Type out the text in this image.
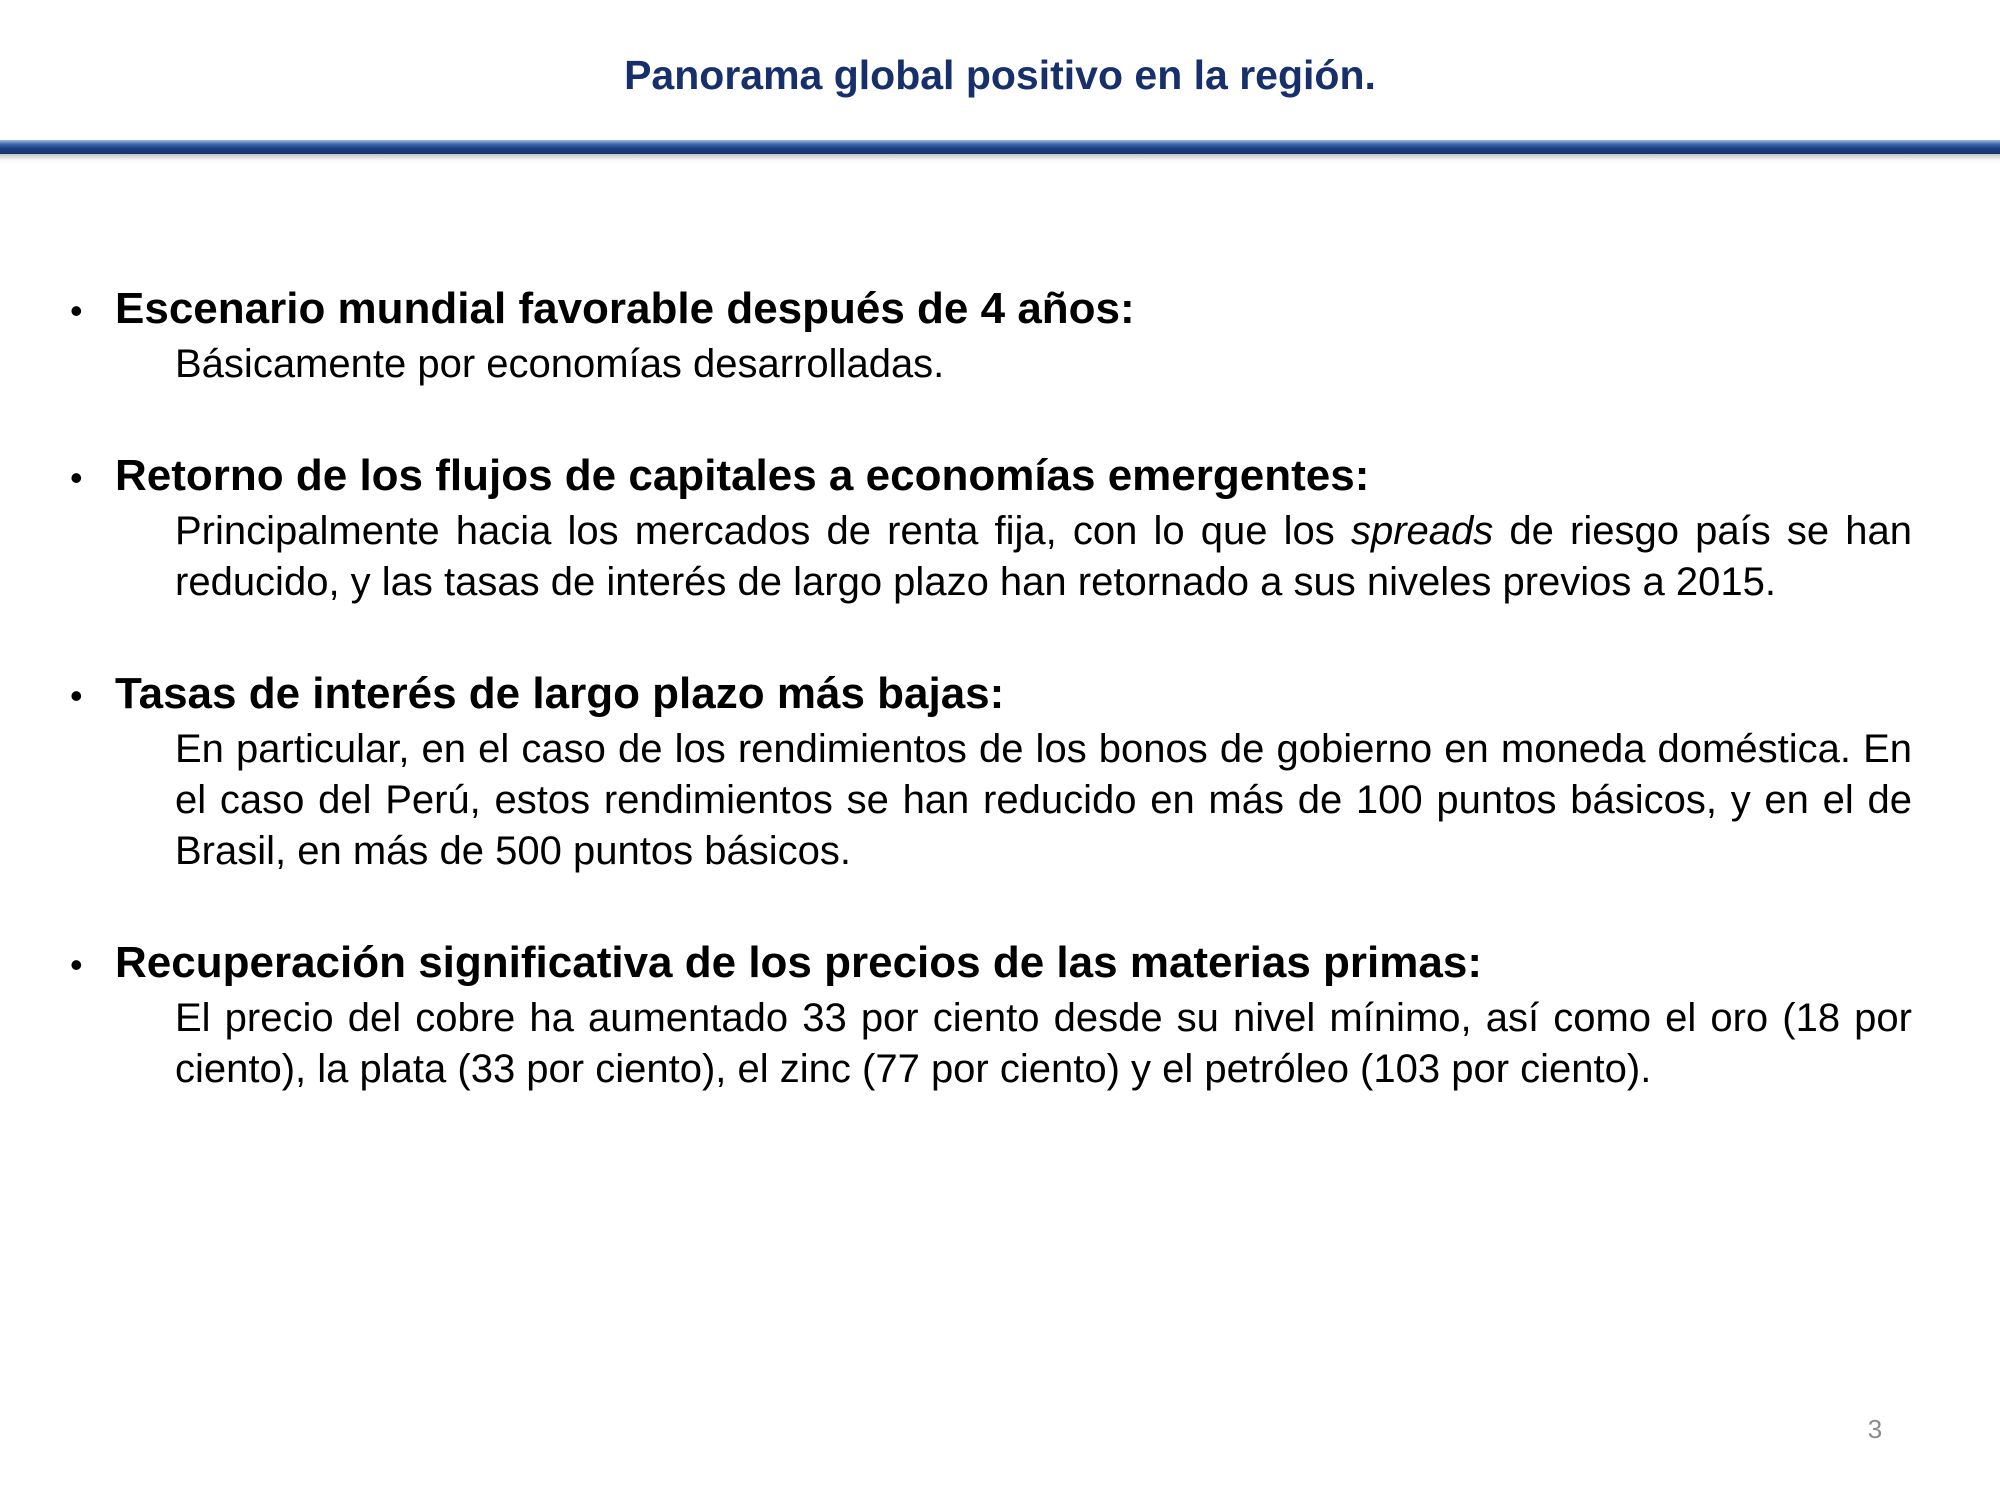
Panorama global positivo en la región.
• Escenario mundial favorable después de 4 años:
Básicamente por economías desarrolladas.
• Retorno de los flujos de capitales a economías emergentes:
Principalmente hacia los mercados de renta fija, con lo que los spreads de riesgo país se han reducido, y las tasas de interés de largo plazo han retornado a sus niveles previos a 2015.
• Tasas de interés de largo plazo más bajas:
En particular, en el caso de los rendimientos de los bonos de gobierno en moneda doméstica. En el caso del Perú, estos rendimientos se han reducido en más de 100 puntos básicos, y en el de Brasil, en más de 500 puntos básicos.
• Recuperación significativa de los precios de las materias primas:
El precio del cobre ha aumentado 33 por ciento desde su nivel mínimo, así como el oro (18 por ciento), la plata (33 por ciento), el zinc (77 por ciento) y el petróleo (103 por ciento).
3
